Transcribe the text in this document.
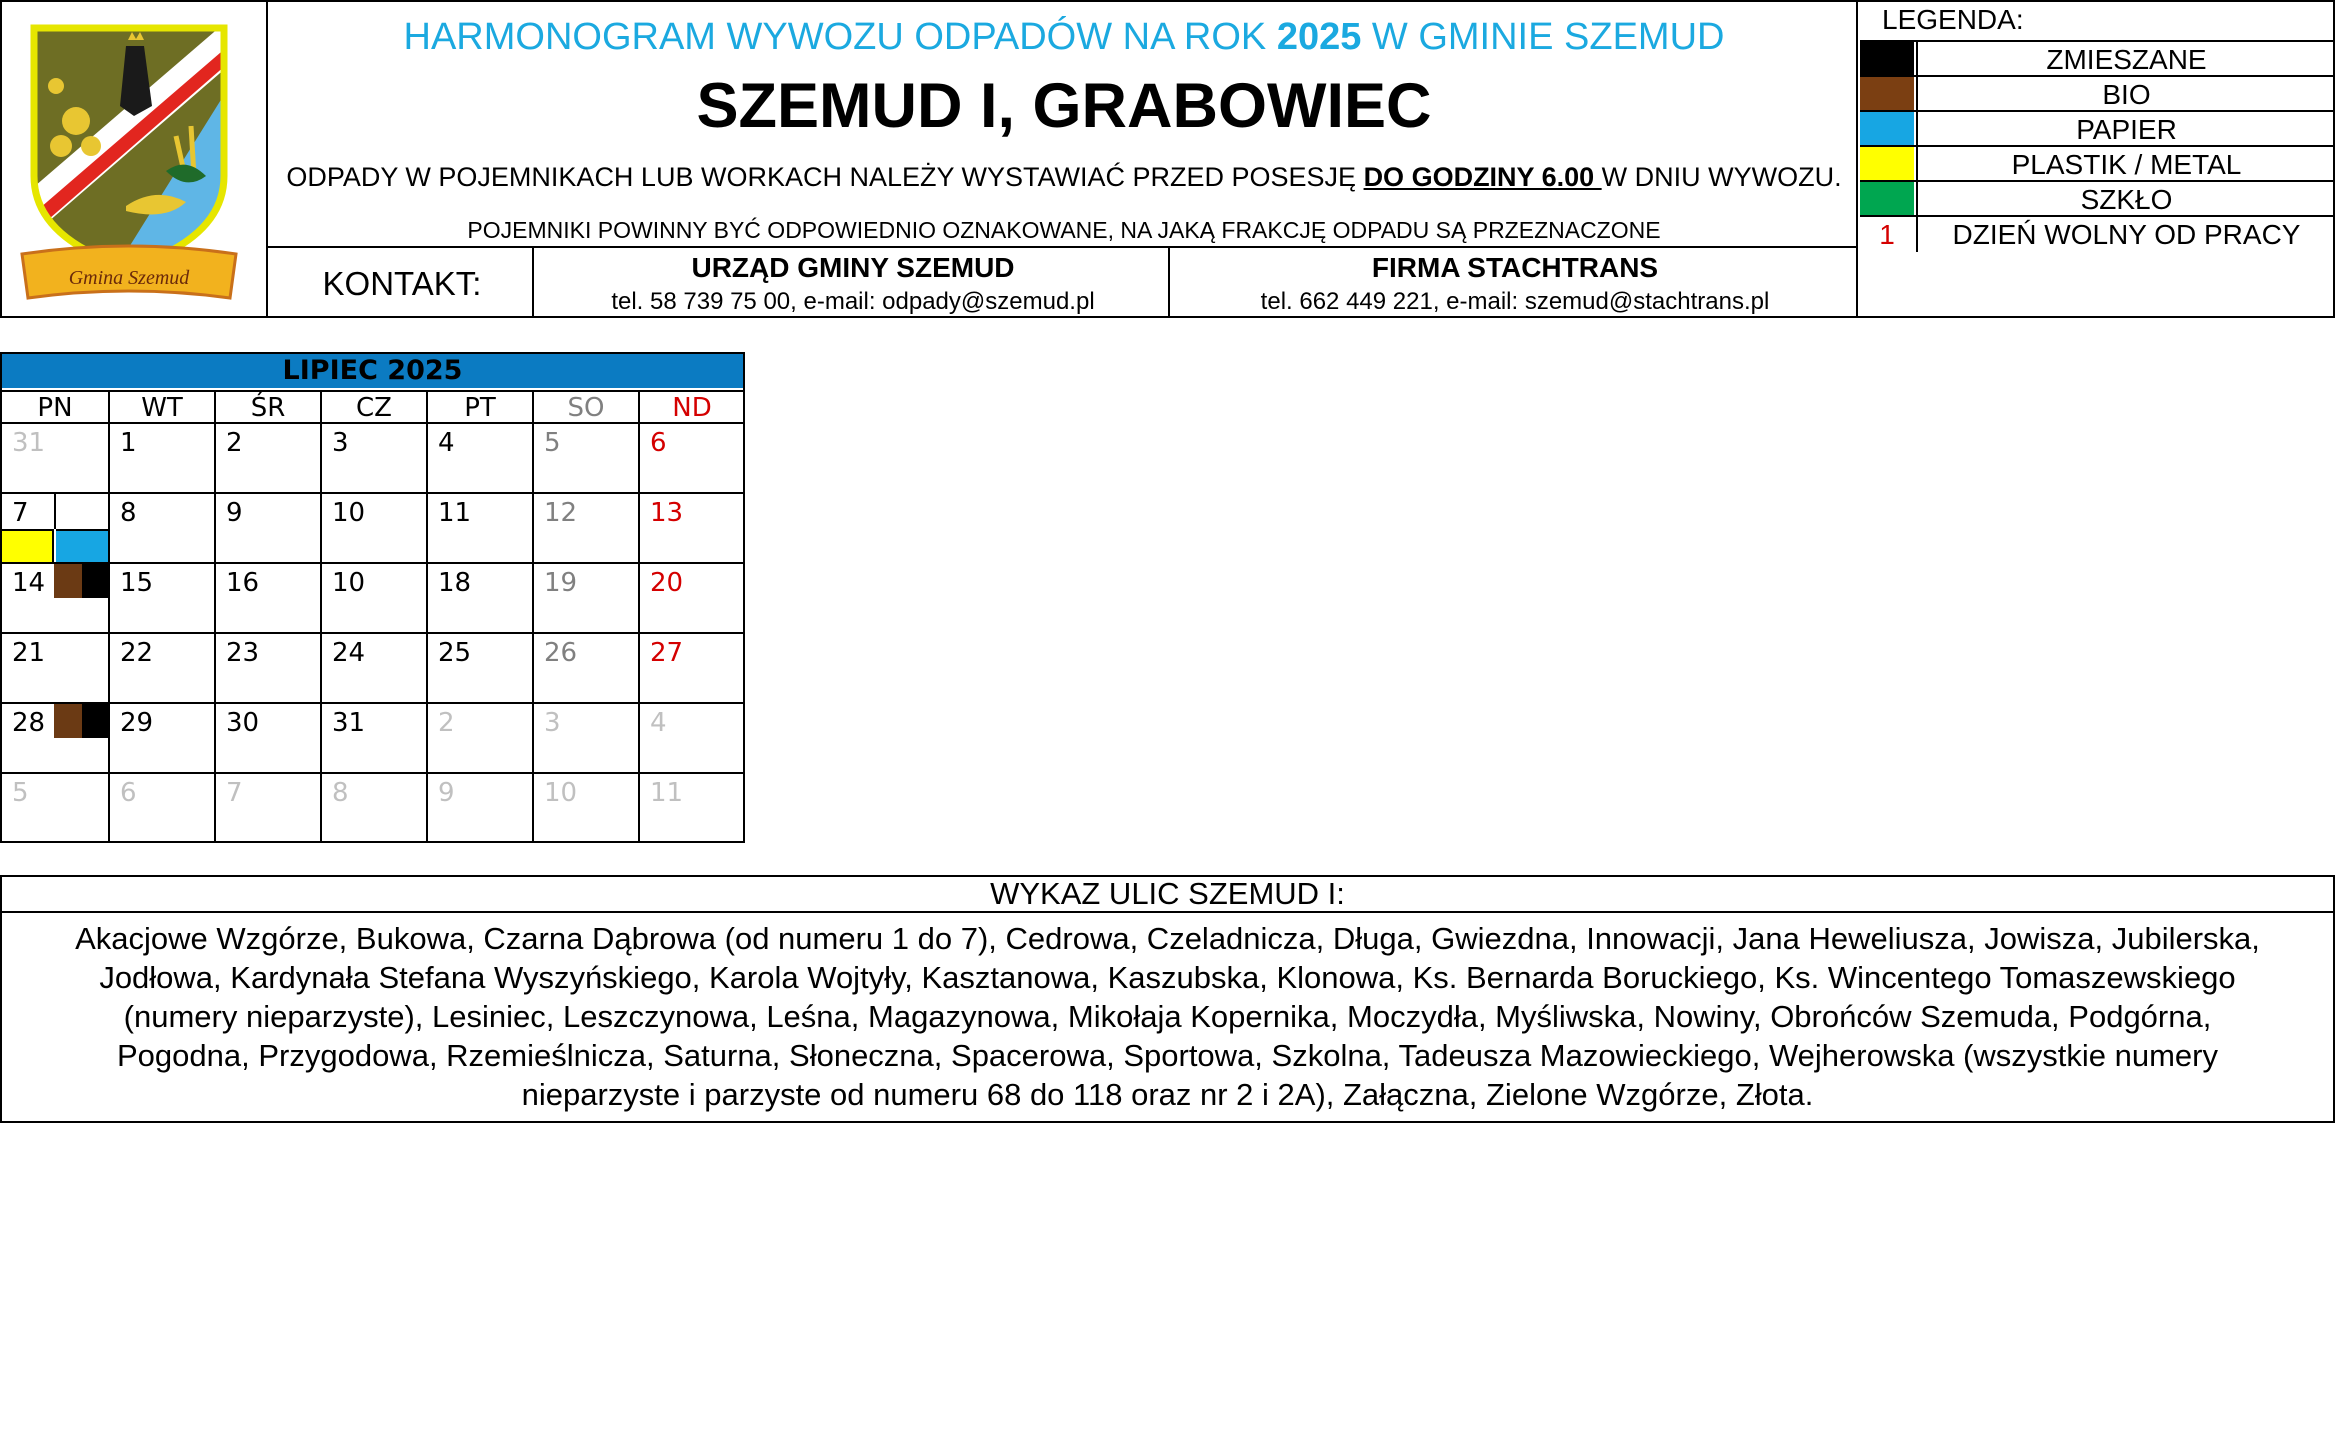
Gmina Szemud
HARMONOGRAM WYWOZU ODPADÓW NA ROK 2025 W GMINIE SZEMUD
SZEMUD I, GRABOWIEC
ODPADY W POJEMNIKACH LUB WORKACH NALEŻY WYSTAWIAĆ PRZED POSESJĘ DO GODZINY 6.00 W DNIU WYWOZU.
POJEMNIKI POWINNY BYĆ ODPOWIEDNIO OZNAKOWANE, NA JAKĄ FRAKCJĘ ODPADU SĄ PRZEZNACZONE
KONTAKT:	URZĄD GMINY SZEMUD
tel. 58 739 75 00, e-mail: odpady@szemud.pl
FIRMA STACHTRANS
tel. 662 449 221, e-mail: szemud@stachtrans.pl
LEGENDA:
ZMIESZANE
BIO
PAPIER
PLASTIK / METAL
SZKŁO
1	DZIEŃ WOLNY OD PRACY
LIPIEC 2025
PN	WT	ŚR	CZ	PT	SO	ND
31	1	2	3	4	5	6
7	8	9	10	11	12	13
14	15	16	10	18	19	20
21	22	23	24	25	26	27
28	29	30	31	2	3	4
5	6	7	8	9	10	11
WYKAZ ULIC SZEMUD I:
Akacjowe Wzgórze, Bukowa, Czarna Dąbrowa (od numeru 1 do 7), Cedrowa, Czeladnicza, Długa, Gwiezdna, Innowacji, Jana Heweliusza, Jowisza, Jubilerska, Jodłowa, Kardynała Stefana Wyszyńskiego, Karola Wojtyły, Kasztanowa, Kaszubska, Klonowa, Ks. Bernarda Boruckiego, Ks. Wincentego Tomaszewskiego (numery nieparzyste), Lesiniec, Leszczynowa, Leśna, Magazynowa, Mikołaja Kopernika, Moczydła, Myśliwska, Nowiny, Obrońców Szemuda, Podgórna, Pogodna, Przygodowa, Rzemieślnicza, Saturna, Słoneczna, Spacerowa, Sportowa, Szkolna, Tadeusza Mazowieckiego, Wejherowska (wszystkie numery nieparzyste i parzyste od numeru 68 do 118 oraz nr 2 i 2A), Załączna, Zielone Wzgórze, Złota.
